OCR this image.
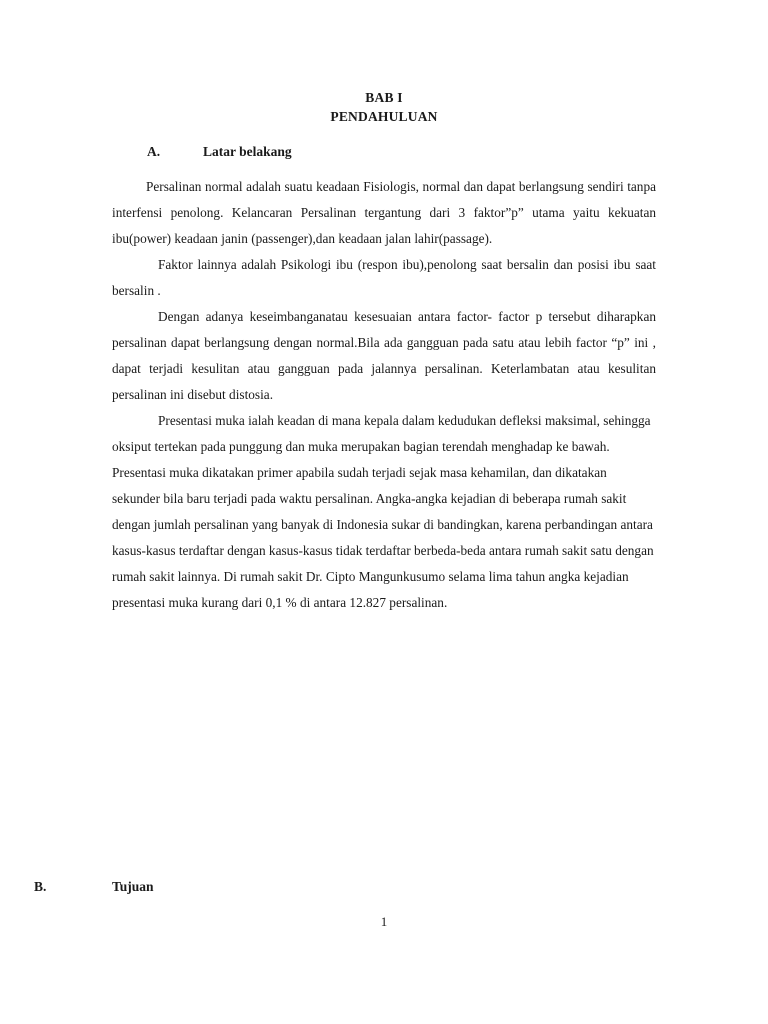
BAB I
PENDAHULUAN
A.	Latar belakang

Persalinan normal adalah suatu keadaan Fisiologis, normal dan dapat berlangsung sendiri tanpa interfensi penolong. Kelancaran Persalinan tergantung dari 3 faktor”p” utama yaitu kekuatan ibu(power) keadaan janin (passenger),dan keadaan jalan lahir(passage).

Faktor lainnya adalah Psikologi ibu (respon ibu),penolong saat bersalin dan posisi ibu saat bersalin .

Dengan adanya keseimbanganatau kesesuaian antara factor- factor p tersebut diharapkan persalinan dapat berlangsung dengan normal.Bila ada gangguan pada satu atau lebih factor “p” ini , dapat terjadi kesulitan atau gangguan pada jalannya persalinan. Keterlambatan atau kesulitan persalinan ini disebut distosia.

Presentasi muka ialah keadan di mana kepala dalam kedudukan defleksi maksimal, sehingga oksiput tertekan pada punggung dan muka merupakan bagian terendah menghadap ke bawah. Presentasi muka dikatakan primer apabila sudah terjadi sejak masa kehamilan, dan dikatakan sekunder bila baru terjadi pada waktu persalinan. Angka-angka kejadian di beberapa rumah sakit dengan jumlah persalinan yang banyak di Indonesia sukar di bandingkan, karena perbandingan antara kasus-kasus terdaftar dengan kasus-kasus tidak terdaftar berbeda-beda antara rumah sakit satu dengan rumah sakit lainnya. Di rumah sakit Dr. Cipto Mangunkusumo selama lima tahun angka kejadian presentasi muka kurang dari 0,1 % di antara 12.827 persalinan.

B.	Tujuan
1
